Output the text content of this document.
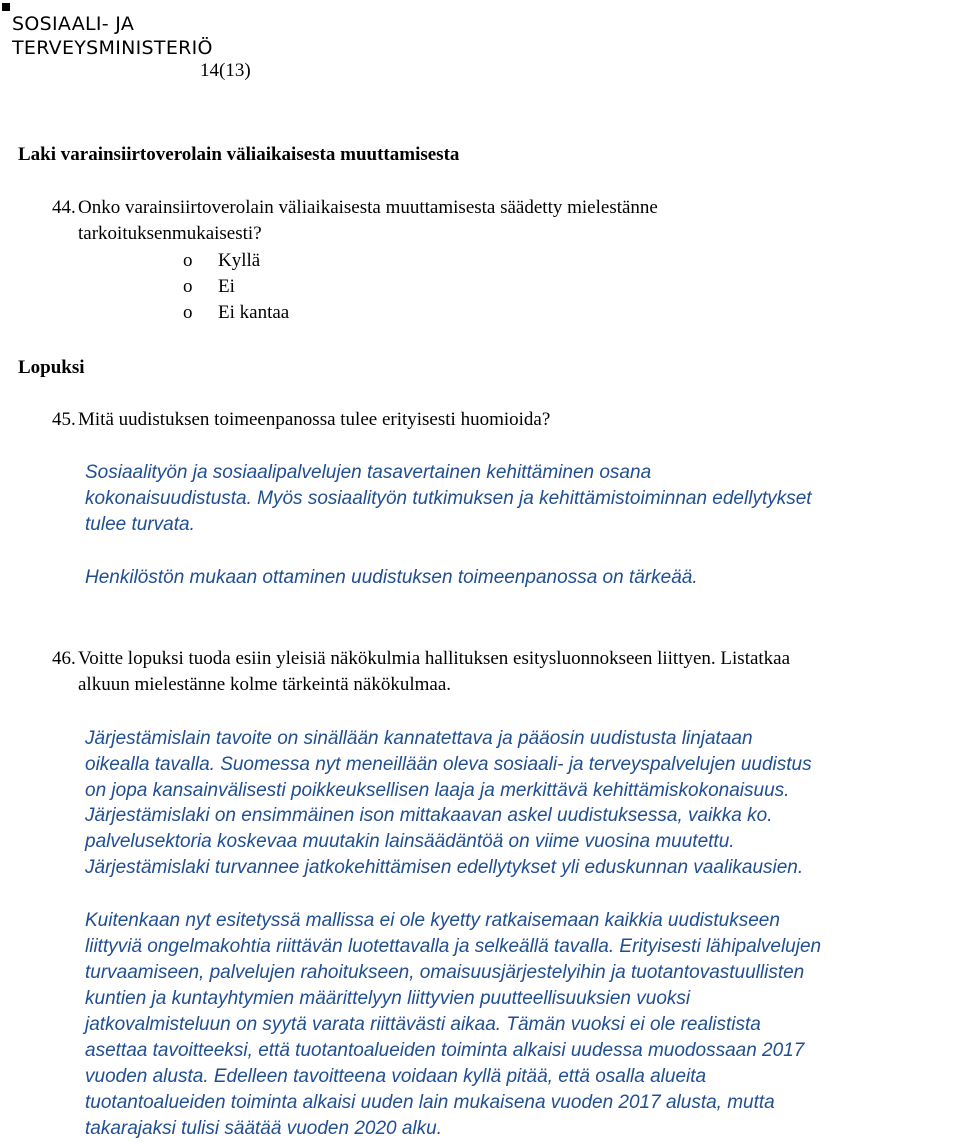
SOSIAALI- JA
TERVEYSMINISTERIÖ
14(13)
Laki varainsiirtoverolain väliaikaisesta muuttamisesta
44. Onko varainsiirtoverolain väliaikaisesta muuttamisesta säädetty mielestänne
tarkoituksenmukaisesti?
o Kyllä
o Ei
o Ei kantaa
Lopuksi
45. Mitä uudistuksen toimeenpanossa tulee erityisesti huomioida?
Sosiaalityön ja sosiaalipalvelujen tasavertainen kehittäminen osana
kokonaisuudistusta. Myös sosiaalityön tutkimuksen ja kehittämistoiminnan edellytykset
tulee turvata.
Henkilöstön mukaan ottaminen uudistuksen toimeenpanossa on tärkeää.
46. Voitte lopuksi tuoda esiin yleisiä näkökulmia hallituksen esitysluonnokseen liittyen. Listatkaa
alkuun mielestänne kolme tärkeintä näkökulmaa.
Järjestämislain tavoite on sinällään kannatettava ja pääosin uudistusta linjataan
oikealla tavalla. Suomessa nyt meneillään oleva sosiaali- ja terveyspalvelujen uudistus
on jopa kansainvälisesti poikkeuksellisen laaja ja merkittävä kehittämiskokonaisuus.
Järjestämislaki on ensimmäinen ison mittakaavan askel uudistuksessa, vaikka ko.
palvelusektoria koskevaa muutakin lainsäädäntöä on viime vuosina muutettu.
Järjestämislaki turvannee jatkokehittämisen edellytykset yli eduskunnan vaalikausien.
Kuitenkaan nyt esitetyssä mallissa ei ole kyetty ratkaisemaan kaikkia uudistukseen
liittyviä ongelmakohtia riittävän luotettavalla ja selkeällä tavalla. Erityisesti lähipalvelujen
turvaamiseen, palvelujen rahoitukseen, omaisuusjärjestelyihin ja tuotantovastuullisten
kuntien ja kuntayhtymien määrittelyyn liittyvien puutteellisuuksien vuoksi
jatkovalmisteluun on syytä varata riittävästi aikaa. Tämän vuoksi ei ole realistista
asettaa tavoitteeksi, että tuotantoalueiden toiminta alkaisi uudessa muodossaan 2017
vuoden alusta. Edelleen tavoitteena voidaan kyllä pitää, että osalla alueita
tuotantoalueiden toiminta alkaisi uuden lain mukaisena vuoden 2017 alusta, mutta
takarajaksi tulisi säätää vuoden 2020 alku.
